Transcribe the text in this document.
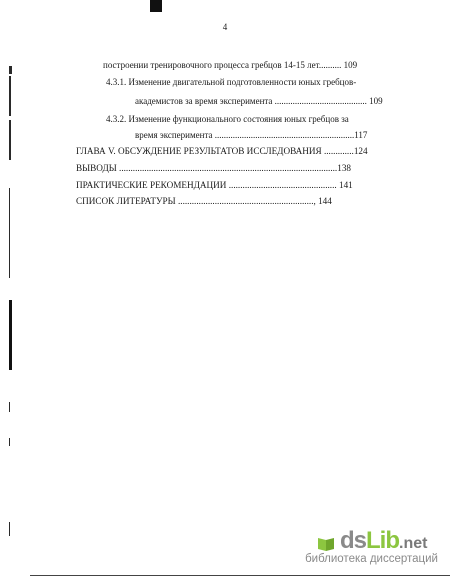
4
построении тренировочного процесса гребцов 14-15 лет.......... 109
4.3.1. Изменение двигательной подготовленности юных гребцов-
академистов за время эксперимента ......................................... 109
4.3.2. Изменение функционального состояния юных гребцов за
время эксперимента ..............................................................117
ГЛАВА V. ОБСУЖДЕНИЕ РЕЗУЛЬТАТОВ ИССЛЕДОВАНИЯ .............124
ВЫВОДЫ ...............................................................................................138
ПРАКТИЧЕСКИЕ РЕКОМЕНДАЦИИ ............................................... 141
СПИСОК ЛИТЕРАТУРЫ ..........................................................., 144
dsLib.net
библиотека диссертаций
